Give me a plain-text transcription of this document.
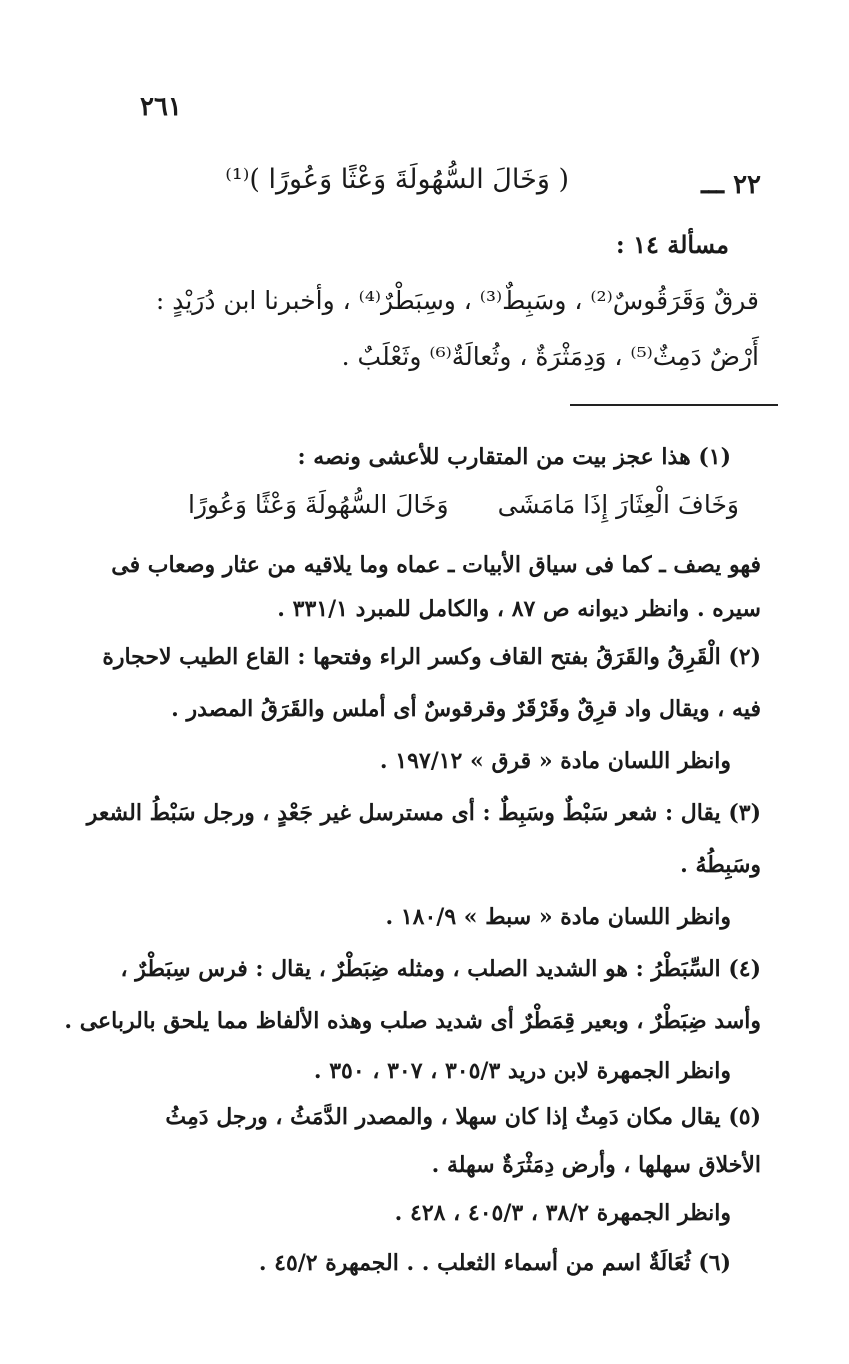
٢٦١
٢٢ ـــ
( وَخَالَ السُّهُولَةَ وَعْثًا وَعُورًا )⁽¹⁾
مسألة ١٤ :
قرقٌ وَقَرَقُوسٌ⁽²⁾ ، وسَبِطٌ⁽³⁾ ، وسِبَطْرٌ⁽⁴⁾ ، وأخبرنا ابن دُرَيْدٍ :
أَرْضٌ دَمِثٌ⁽⁵⁾ ، وَدِمَثْرَةٌ ، وثُعالَةٌ⁽⁶⁾ وثَعْلَبٌ .
(١) هذا عجز بيت من المتقارب للأعشى ونصه :
وَخَافَ الْعِثَارَ إِذَا مَامَشَى
وَخَالَ السُّهُولَةَ وَعْثًا وَعُورًا
فهو يصف ـ كما فى سياق الأبيات ـ عماه وما يلاقيه من عثار وصعاب فى
سيره . وانظر ديوانه ص ٨٧ ، والكامل للمبرد ٣٣١/١ .
(٢) الْقَرِقُ والقَرَقُ بفتح القاف وكسر الراء وفتحها : القاع الطيب لاحجارة
فيه ، ويقال واد قرِقٌ وقَرْقَرٌ وقرقوسٌ أى أملس والقَرَقُ المصدر .
وانظر اللسان مادة « قرق » ١٩٧/١٢ .
(٣) يقال : شعر سَبْطٌ وسَبِطٌ : أى مسترسل غير جَعْدٍ ، ورجل سَبْطُ الشعر
وسَبِطُهُ .
وانظر اللسان مادة « سبط » ١٨٠/٩ .
(٤) السِّبَطْرُ : هو الشديد الصلب ، ومثله ضِبَطْرٌ ، يقال : فرس سِبَطْرٌ ،
وأسد ضِبَطْرٌ ، وبعير قِمَطْرٌ أى شديد صلب وهذه الألفاظ مما يلحق بالرباعى .
وانظر الجمهرة لابن دريد ٣٠٥/٣ ، ٣٠٧ ، ٣٥٠ .
(٥) يقال مكان دَمِثٌ إذا كان سهلا ، والمصدر الدَّمَثُ ، ورجل دَمِثُ
الأخلاق سهلها ، وأرض دِمَثْرَةٌ سهلة .
وانظر الجمهرة ٣٨/٢ ، ٤٠٥/٣ ، ٤٢٨ .
(٦) ثُعَالَةٌ اسم من أسماء الثعلب . . الجمهرة ٤٥/٢ .
